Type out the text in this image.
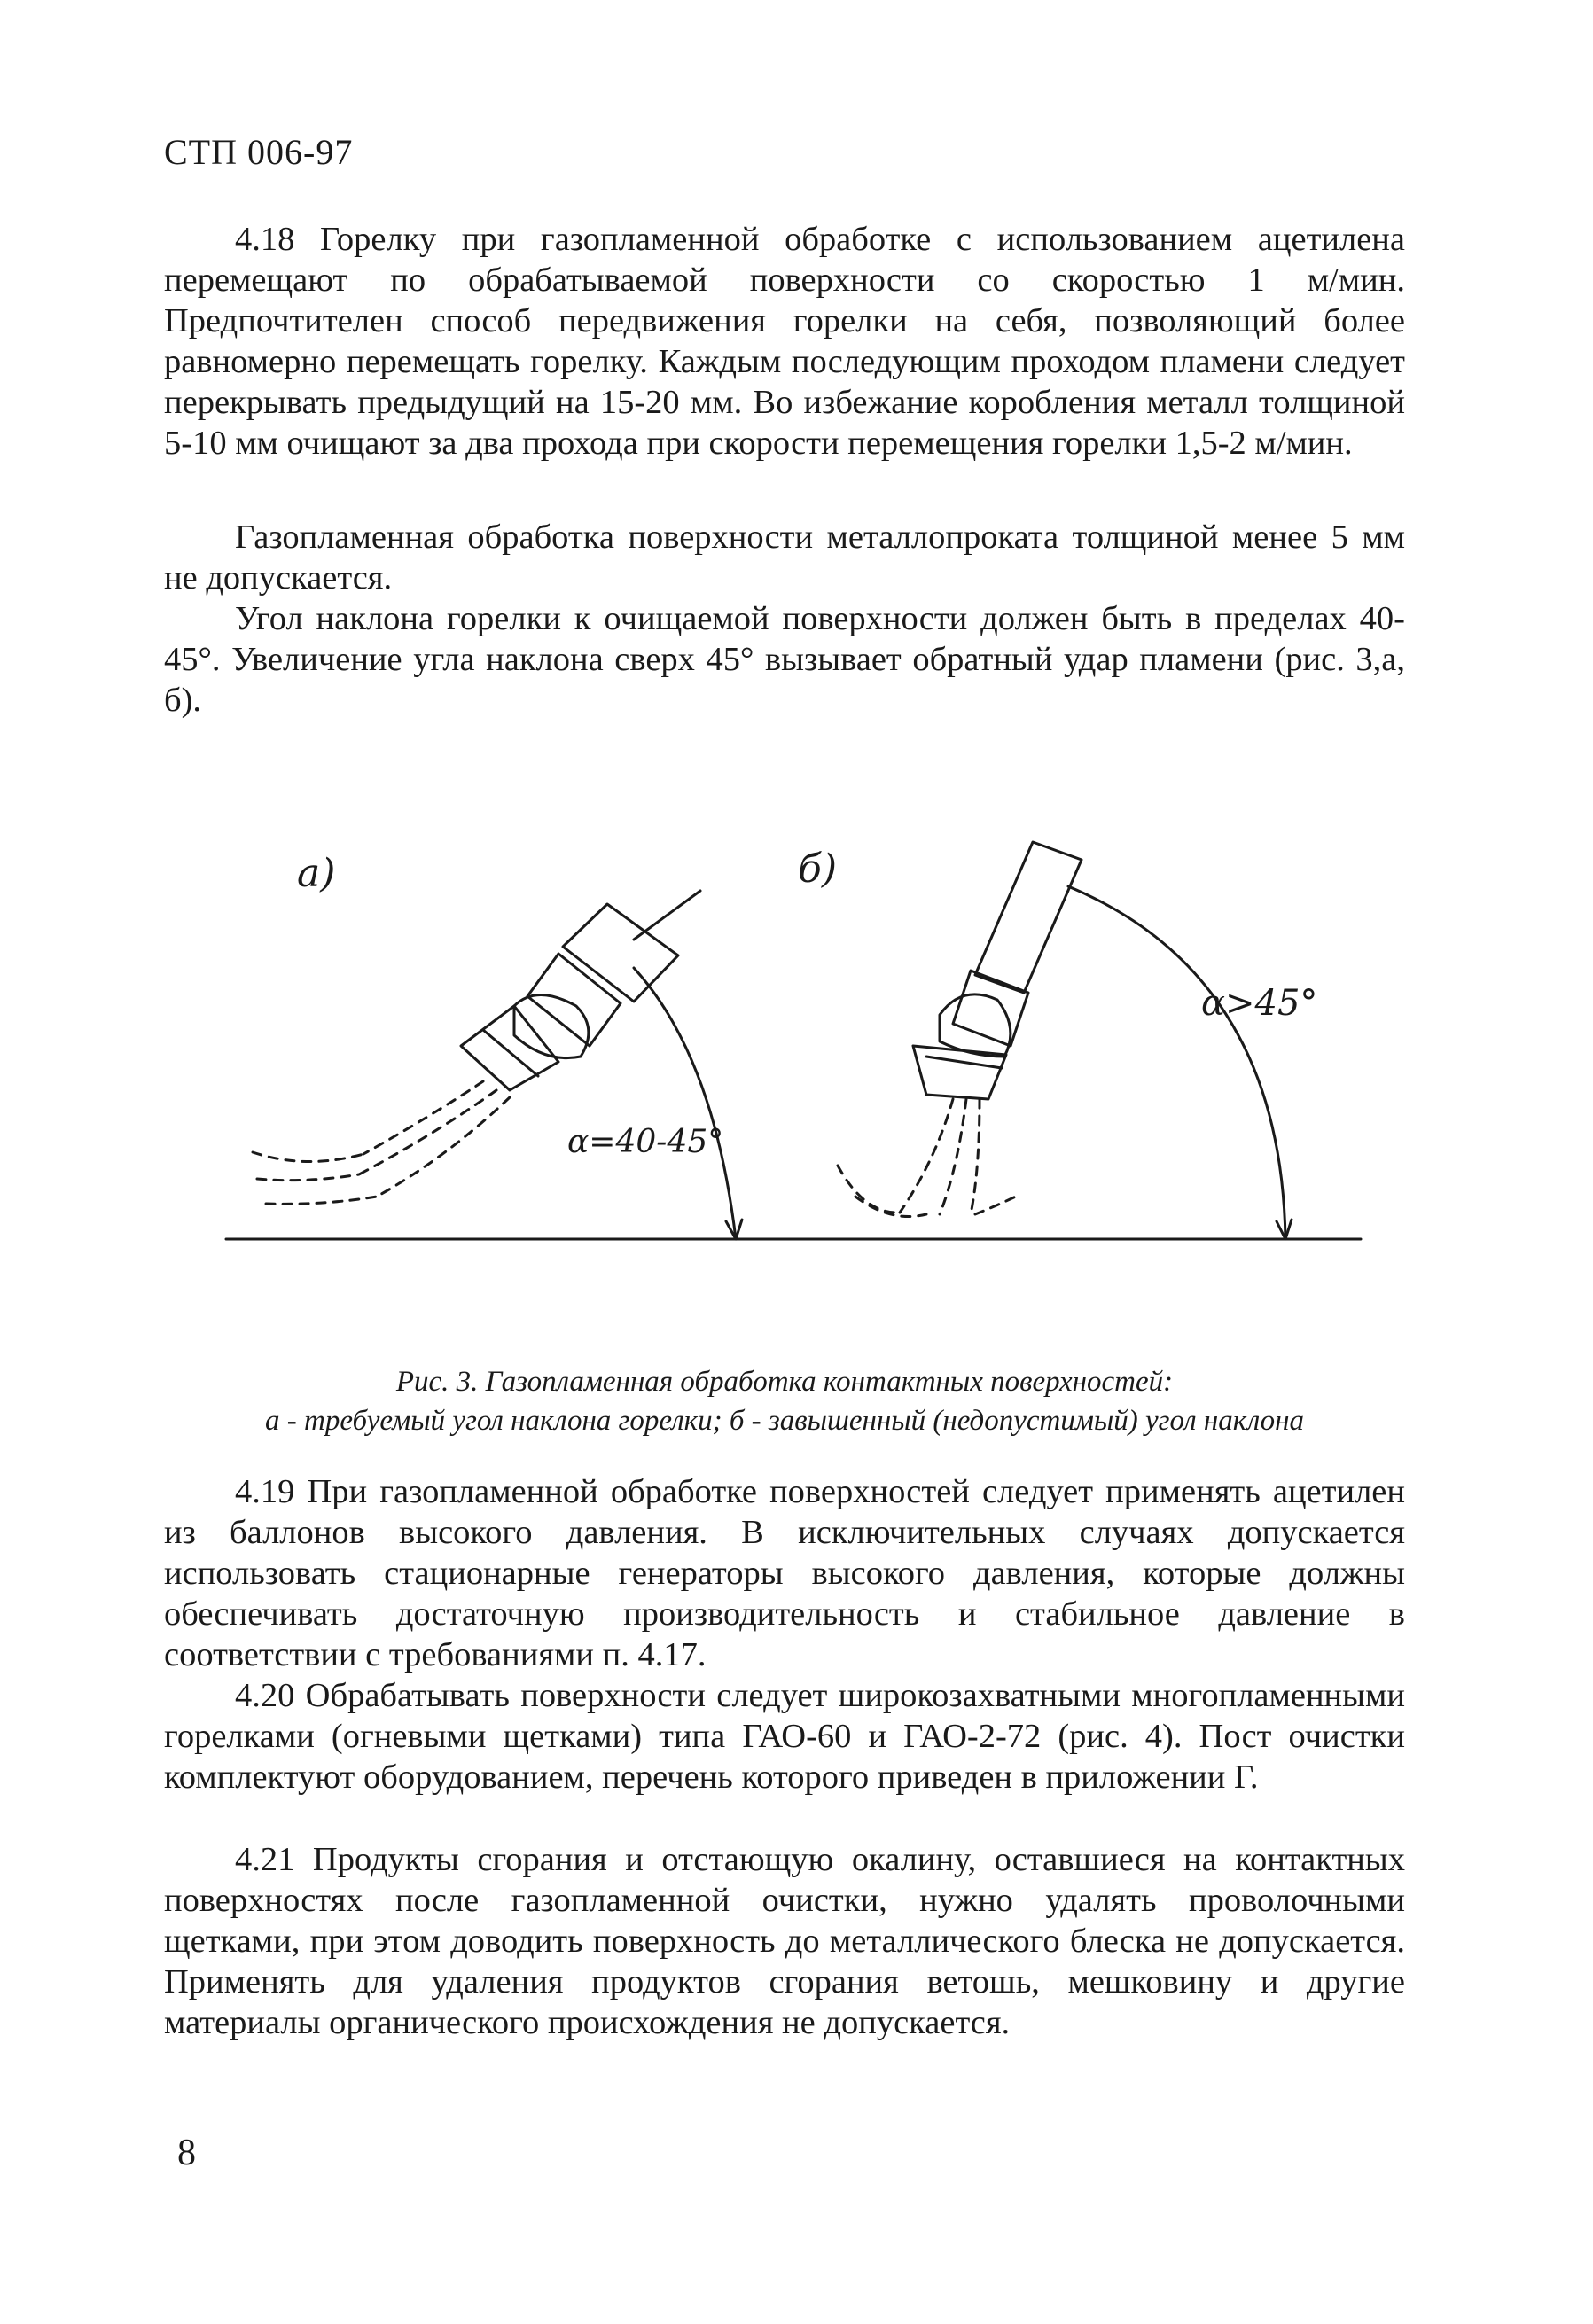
СТП 006-97

4.18 Горелку при газопламенной обработке с использованием ацетилена перемещают по обрабатываемой поверхности со скоростью 1 м/мин. Предпочтителен способ передвижения горелки на себя, позволяющий более равномерно перемещать горелку. Каждым последующим проходом пламени следует перекрывать предыдущий на 15-20 мм. Во избежание коробления металл толщиной 5-10 мм очищают за два прохода при скорости перемещения горелки 1,5-2 м/мин.

Газопламенная обработка поверхности металлопроката толщиной менее 5 мм не допускается.

Угол наклона горелки к очищаемой поверхности должен быть в пределах 40-45°. Увеличение угла наклона сверх 45° вызывает обратный удар пламени (рис. 3,а, б).

а)	б)
α=40-45°
α>45°
Рис. 3. Газопламенная обработка контактных поверхностей:
а - требуемый угол наклона горелки; б - завышенный (недопустимый) угол наклона

4.19 При газопламенной обработке поверхностей следует применять ацетилен из баллонов высокого давления. В исключительных случаях допускается использовать стационарные генераторы высокого давления, которые должны обеспечивать достаточную производительность и стабильное давление в соответствии с требованиями п. 4.17.

4.20 Обрабатывать поверхности следует широкозахватными многопламенными горелками (огневыми щетками) типа ГАО-60 и ГАО-2-72 (рис. 4). Пост очистки комплектуют оборудованием, перечень которого приведен в приложении Г.

4.21 Продукты сгорания и отстающую окалину, оставшиеся на контактных поверхностях после газопламенной очистки, нужно удалять проволочными щетками, при этом доводить поверхность до металлического блеска не допускается. Применять для удаления продуктов сгорания ветошь, мешковину и другие материалы органического происхождения не допускается.

8
